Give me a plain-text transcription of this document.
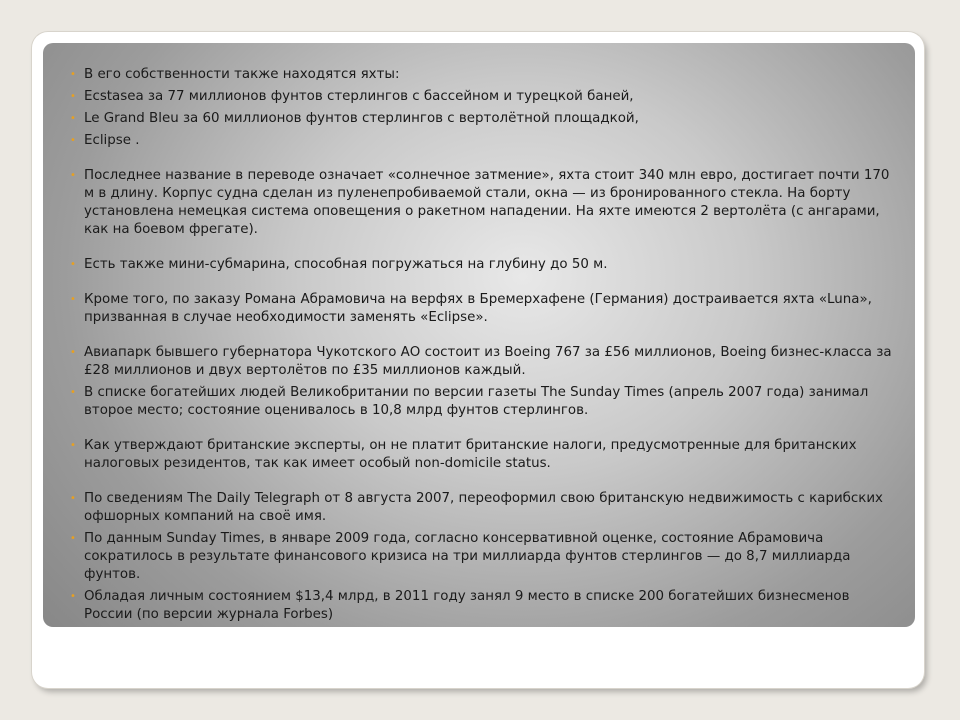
• В его собственности также находятся яхты:
• Ecstasea за 77 миллионов фунтов стерлингов с бассейном и турецкой баней,
• Le Grand Bleu за 60 миллионов фунтов стерлингов с вертолётной площадкой,
• Eclipse .
• Последнее название в переводе означает «солнечное затмение», яхта стоит 340 млн евро, достигает почти 170 м в длину. Корпус судна сделан из пуленепробиваемой стали, окна — из бронированного стекла. На борту установлена немецкая система оповещения о ракетном нападении. На яхте имеются 2 вертолёта (с ангарами, как на боевом фрегате).
• Есть также мини-субмарина, способная погружаться на глубину до 50 м.
• Кроме того, по заказу Романа Абрамовича на верфях в Бремерхафене (Германия) достраивается яхта «Luna», призванная в случае необходимости заменять «Eclipse».
• Авиапарк бывшего губернатора Чукотского АО состоит из Boeing 767 за £56 миллионов, Boeing бизнес-класса за £28 миллионов и двух вертолётов по £35 миллионов каждый.
• В списке богатейших людей Великобритании по версии газеты The Sunday Times (апрель 2007 года) занимал второе место; состояние оценивалось в 10,8 млрд фунтов стерлингов.
• Как утверждают британские эксперты, он не платит британские налоги, предусмотренные для британских налоговых резидентов, так как имеет особый non-domicile status.
• По сведениям The Daily Telegraph от 8 августа 2007, переоформил свою британскую недвижимость с карибских офшорных компаний на своё имя.
• По данным Sunday Times, в январе 2009 года, согласно консервативной оценке, состояние Абрамовича сократилось в результате финансового кризиса на три миллиарда фунтов стерлингов — до 8,7 миллиарда фунтов.
• Обладая личным состоянием $13,4 млрд, в 2011 году занял 9 место в списке 200 богатейших бизнесменов России (по версии журнала Forbes)
